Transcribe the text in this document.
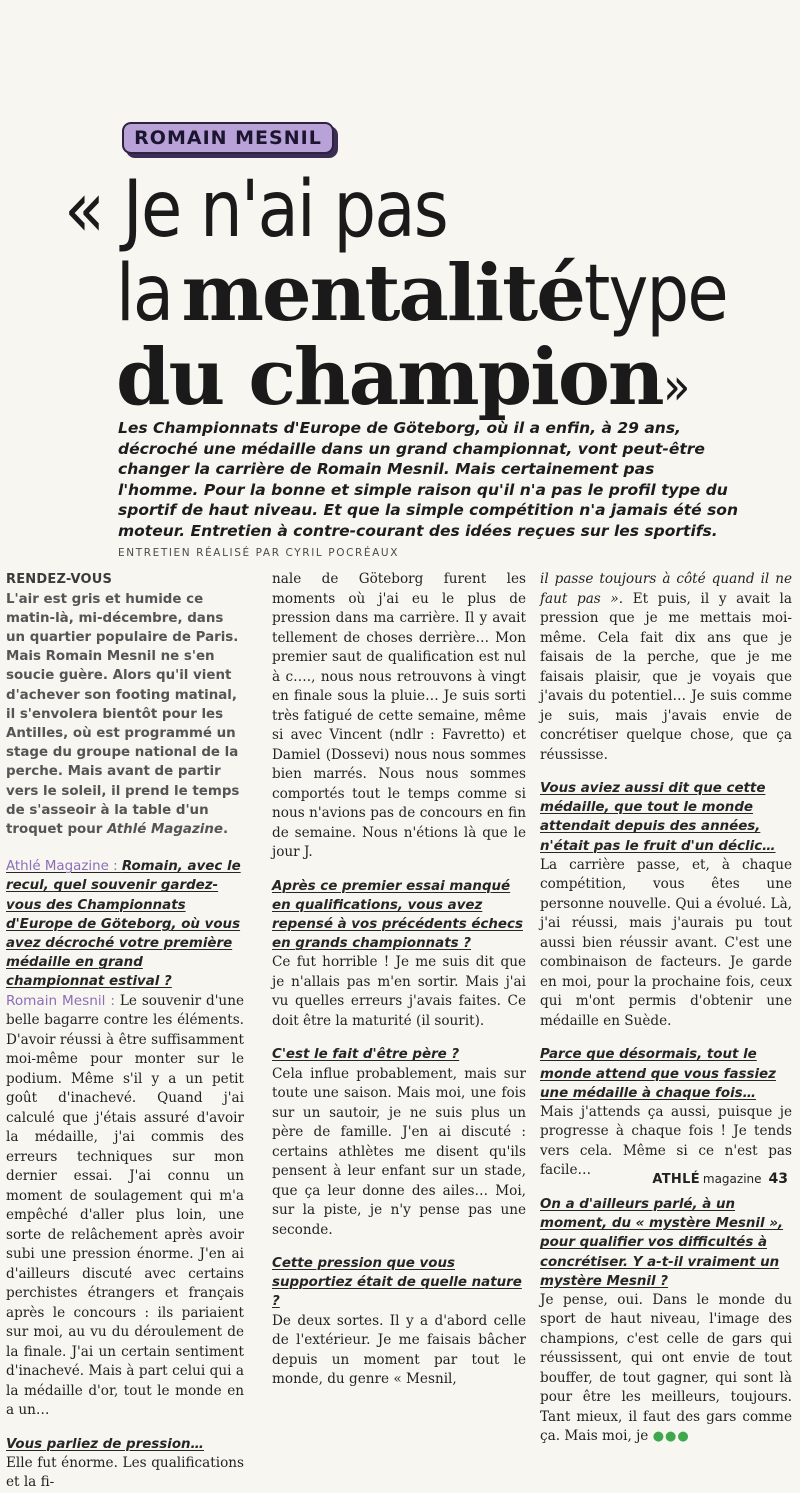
ROMAIN MESNIL
« Je n'ai pas
lamentalitétype
du champion»
Les Championnats d'Europe de Göteborg, où il a enfin, à 29 ans, décroché une médaille dans un grand championnat, vont peut-être changer la carrière de Romain Mesnil. Mais certainement pas l'homme. Pour la bonne et simple raison qu'il n'a pas le profil type du sportif de haut niveau. Et que la simple compétition n'a jamais été son moteur. Entretien à contre-courant des idées reçues sur les sportifs. ENTRETIEN RÉALISÉ PAR CYRIL POCRÉAUX
RENDEZ-VOUS
L'air est gris et humide ce matin-là, mi-décembre, dans un quartier populaire de Paris. Mais Romain Mesnil ne s'en soucie guère. Alors qu'il vient d'achever son footing matinal, il s'envolera bientôt pour les Antilles, où est programmé un stage du groupe national de la perche. Mais avant de partir vers le soleil, il prend le temps de s'asseoir à la table d'un troquet pour Athlé Magazine.
Athlé Magazine : Romain, avec le recul, quel souvenir gardez-vous des Championnats d'Europe de Göteborg, où vous avez décroché votre première médaille en grand championnat estival ?

Romain Mesnil : Le souvenir d'une belle bagarre contre les éléments. D'avoir réussi à être suffisamment moi-même pour monter sur le podium. Même s'il y a un petit goût d'inachevé. Quand j'ai calculé que j'étais assuré d'avoir la médaille, j'ai commis des erreurs techniques sur mon dernier essai. J'ai connu un moment de soulagement qui m'a empêché d'aller plus loin, une sorte de relâchement après avoir subi une pression énorme. J'en ai d'ailleurs discuté avec certains perchistes étrangers et français après le concours : ils pariaient sur moi, au vu du déroulement de la finale. J'ai un certain sentiment d'inachevé. Mais à part celui qui a la médaille d'or, tout le monde en a un…

Vous parliez de pression…

Elle fut énorme. Les qualifications et la fi-

nale de Göteborg furent les moments où j'ai eu le plus de pression dans ma carrière. Il y avait tellement de choses derrière… Mon premier saut de qualification est nul à c…., nous nous retrouvons à vingt en finale sous la pluie… Je suis sorti très fatigué de cette semaine, même si avec Vincent (ndlr : Favretto) et Damiel (Dossevi) nous nous sommes bien marrés. Nous nous sommes comportés tout le temps comme si nous n'avions pas de concours en fin de semaine. Nous n'étions là que le jour J.

Après ce premier essai manqué en qualifications, vous avez repensé à vos précédents échecs en grands championnats ?

Ce fut horrible ! Je me suis dit que je n'allais pas m'en sortir. Mais j'ai vu quelles erreurs j'avais faites. Ce doit être la maturité (il sourit).

C'est le fait d'être père ?

Cela influe probablement, mais sur toute une saison. Mais moi, une fois sur un sautoir, je ne suis plus un père de famille. J'en ai discuté : certains athlètes me disent qu'ils pensent à leur enfant sur un stade, que ça leur donne des ailes… Moi, sur la piste, je n'y pense pas une seconde.

Cette pression que vous supportiez était de quelle nature ?

De deux sortes. Il y a d'abord celle de l'extérieur. Je me faisais bâcher depuis un moment par tout le monde, du genre « Mesnil,

il passe toujours à côté quand il ne faut pas ». Et puis, il y avait la pression que je me mettais moi-même. Cela fait dix ans que je faisais de la perche, que je me faisais plaisir, que je voyais que j'avais du potentiel… Je suis comme je suis, mais j'avais envie de concrétiser quelque chose, que ça réussisse.

Vous aviez aussi dit que cette médaille, que tout le monde attendait depuis des années, n'était pas le fruit d'un déclic…

La carrière passe, et, à chaque compétition, vous êtes une personne nouvelle. Qui a évolué. Là, j'ai réussi, mais j'aurais pu tout aussi bien réussir avant. C'est une combinaison de facteurs. Je garde en moi, pour la prochaine fois, ceux qui m'ont permis d'obtenir une médaille en Suède.

Parce que désormais, tout le monde attend que vous fassiez une médaille à chaque fois…

Mais j'attends ça aussi, puisque je progresse à chaque fois ! Je tends vers cela. Même si ce n'est pas facile…

On a d'ailleurs parlé, à un moment, du « mystère Mesnil », pour qualifier vos difficultés à concrétiser. Y a-t-il vraiment un mystère Mesnil ?

Je pense, oui. Dans le monde du sport de haut niveau, l'image des champions, c'est celle de gars qui réussissent, qui ont envie de tout bouffer, de tout gagner, qui sont là pour être les meilleurs, toujours. Tant mieux, il faut des gars comme ça. Mais moi, je ●●●

ATHLÉ magazine 43
